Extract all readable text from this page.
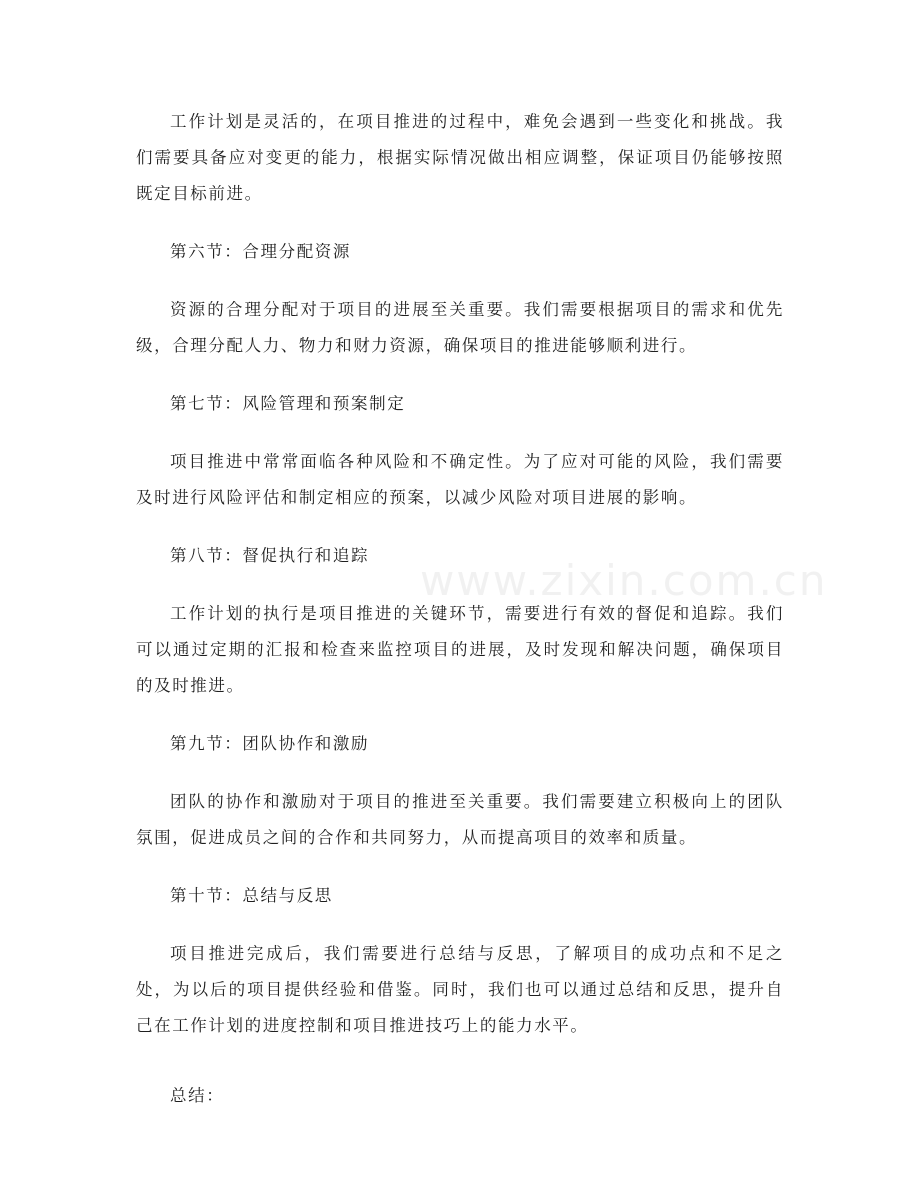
工作计划是灵活的，在项目推进的过程中，难免会遇到一些变化和挑战。我们需要具备应对变更的能力，根据实际情况做出相应调整，保证项目仍能够按照既定目标前进。

第六节：合理分配资源

资源的合理分配对于项目的进展至关重要。我们需要根据项目的需求和优先级，合理分配人力、物力和财力资源，确保项目的推进能够顺利进行。

第七节：风险管理和预案制定

项目推进中常常面临各种风险和不确定性。为了应对可能的风险，我们需要及时进行风险评估和制定相应的预案，以减少风险对项目进展的影响。

第八节：督促执行和追踪

工作计划的执行是项目推进的关键环节，需要进行有效的督促和追踪。我们可以通过定期的汇报和检查来监控项目的进展，及时发现和解决问题，确保项目的及时推进。

第九节：团队协作和激励

团队的协作和激励对于项目的推进至关重要。我们需要建立积极向上的团队氛围，促进成员之间的合作和共同努力，从而提高项目的效率和质量。

第十节：总结与反思

项目推进完成后，我们需要进行总结与反思，了解项目的成功点和不足之处，为以后的项目提供经验和借鉴。同时，我们也可以通过总结和反思，提升自己在工作计划的进度控制和项目推进技巧上的能力水平。

总结：

www.zixin.com.cn
